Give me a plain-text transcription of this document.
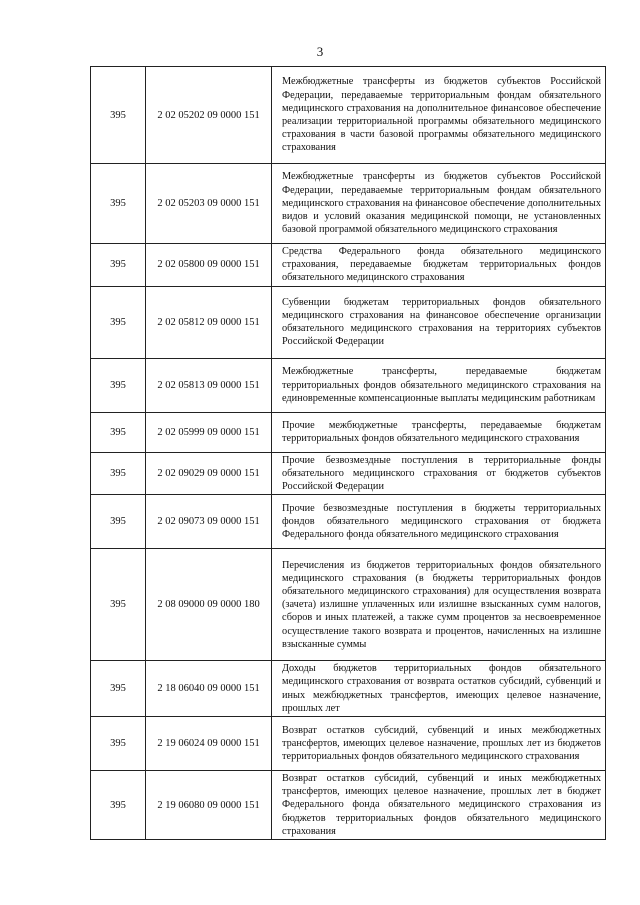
3
395	2 02 05202 09 0000 151	Межбюджетные трансферты из бюджетов субъектов Российской Федерации, передаваемые территориальным фондам обязательного медицинского страхования на дополнительное финансовое обеспечение реализации территориальной программы обязательного медицинского страхования в части базовой программы обязательного медицинского страхования
395	2 02 05203 09 0000 151	Межбюджетные трансферты из бюджетов субъектов Российской Федерации, передаваемые территориальным фондам обязательного медицинского страхования на финансовое обеспечение дополнительных видов и условий оказания медицинской помощи, не установленных базовой программой обязательного медицинского страхования
395	2 02 05800 09 0000 151	Средства Федерального фонда обязательного медицинского страхования, передаваемые бюджетам территориальных фондов обязательного медицинского страхования
395	2 02 05812 09 0000 151	Субвенции бюджетам территориальных фондов обязательного медицинского страхования на финансовое обеспечение организации обязательного медицинского страхования на территориях субъектов Российской Федерации
395	2 02 05813 09 0000 151	Межбюджетные трансферты, передаваемые бюджетам территориальных фондов обязательного медицинского страхования на единовременные компенсационные выплаты медицинским работникам
395	2 02 05999 09 0000 151	Прочие межбюджетные трансферты, передаваемые бюджетам территориальных фондов обязательного медицинского страхования
395	2 02 09029 09 0000 151	Прочие безвозмездные поступления в территориальные фонды обязательного медицинского страхования от бюджетов субъектов Российской Федерации
395	2 02 09073 09 0000 151	Прочие безвозмездные поступления в бюджеты территориальных фондов обязательного медицинского страхования от бюджета Федерального фонда обязательного медицинского страхования
395	2 08 09000 09 0000 180	Перечисления из бюджетов территориальных фондов обязательного медицинского страхования (в бюджеты территориальных фондов обязательного медицинского страхования) для осуществления возврата (зачета) излишне уплаченных или излишне взысканных сумм налогов, сборов и иных платежей, а также сумм процентов за несвоевременное осуществление такого возврата и процентов, начисленных на излишне взысканные суммы
395	2 18 06040 09 0000 151	Доходы бюджетов территориальных фондов обязательного медицинского страхования от возврата остатков субсидий, субвенций и иных межбюджетных трансфертов, имеющих целевое назначение, прошлых лет
395	2 19 06024 09 0000 151	Возврат остатков субсидий, субвенций и иных межбюджетных трансфертов, имеющих целевое назначение, прошлых лет из бюджетов территориальных фондов обязательного медицинского страхования
395	2 19 06080 09 0000 151	Возврат остатков субсидий, субвенций и иных межбюджетных трансфертов, имеющих целевое назначение, прошлых лет в бюджет Федерального фонда обязательного медицинского страхования из бюджетов территориальных фондов обязательного медицинского страхования
